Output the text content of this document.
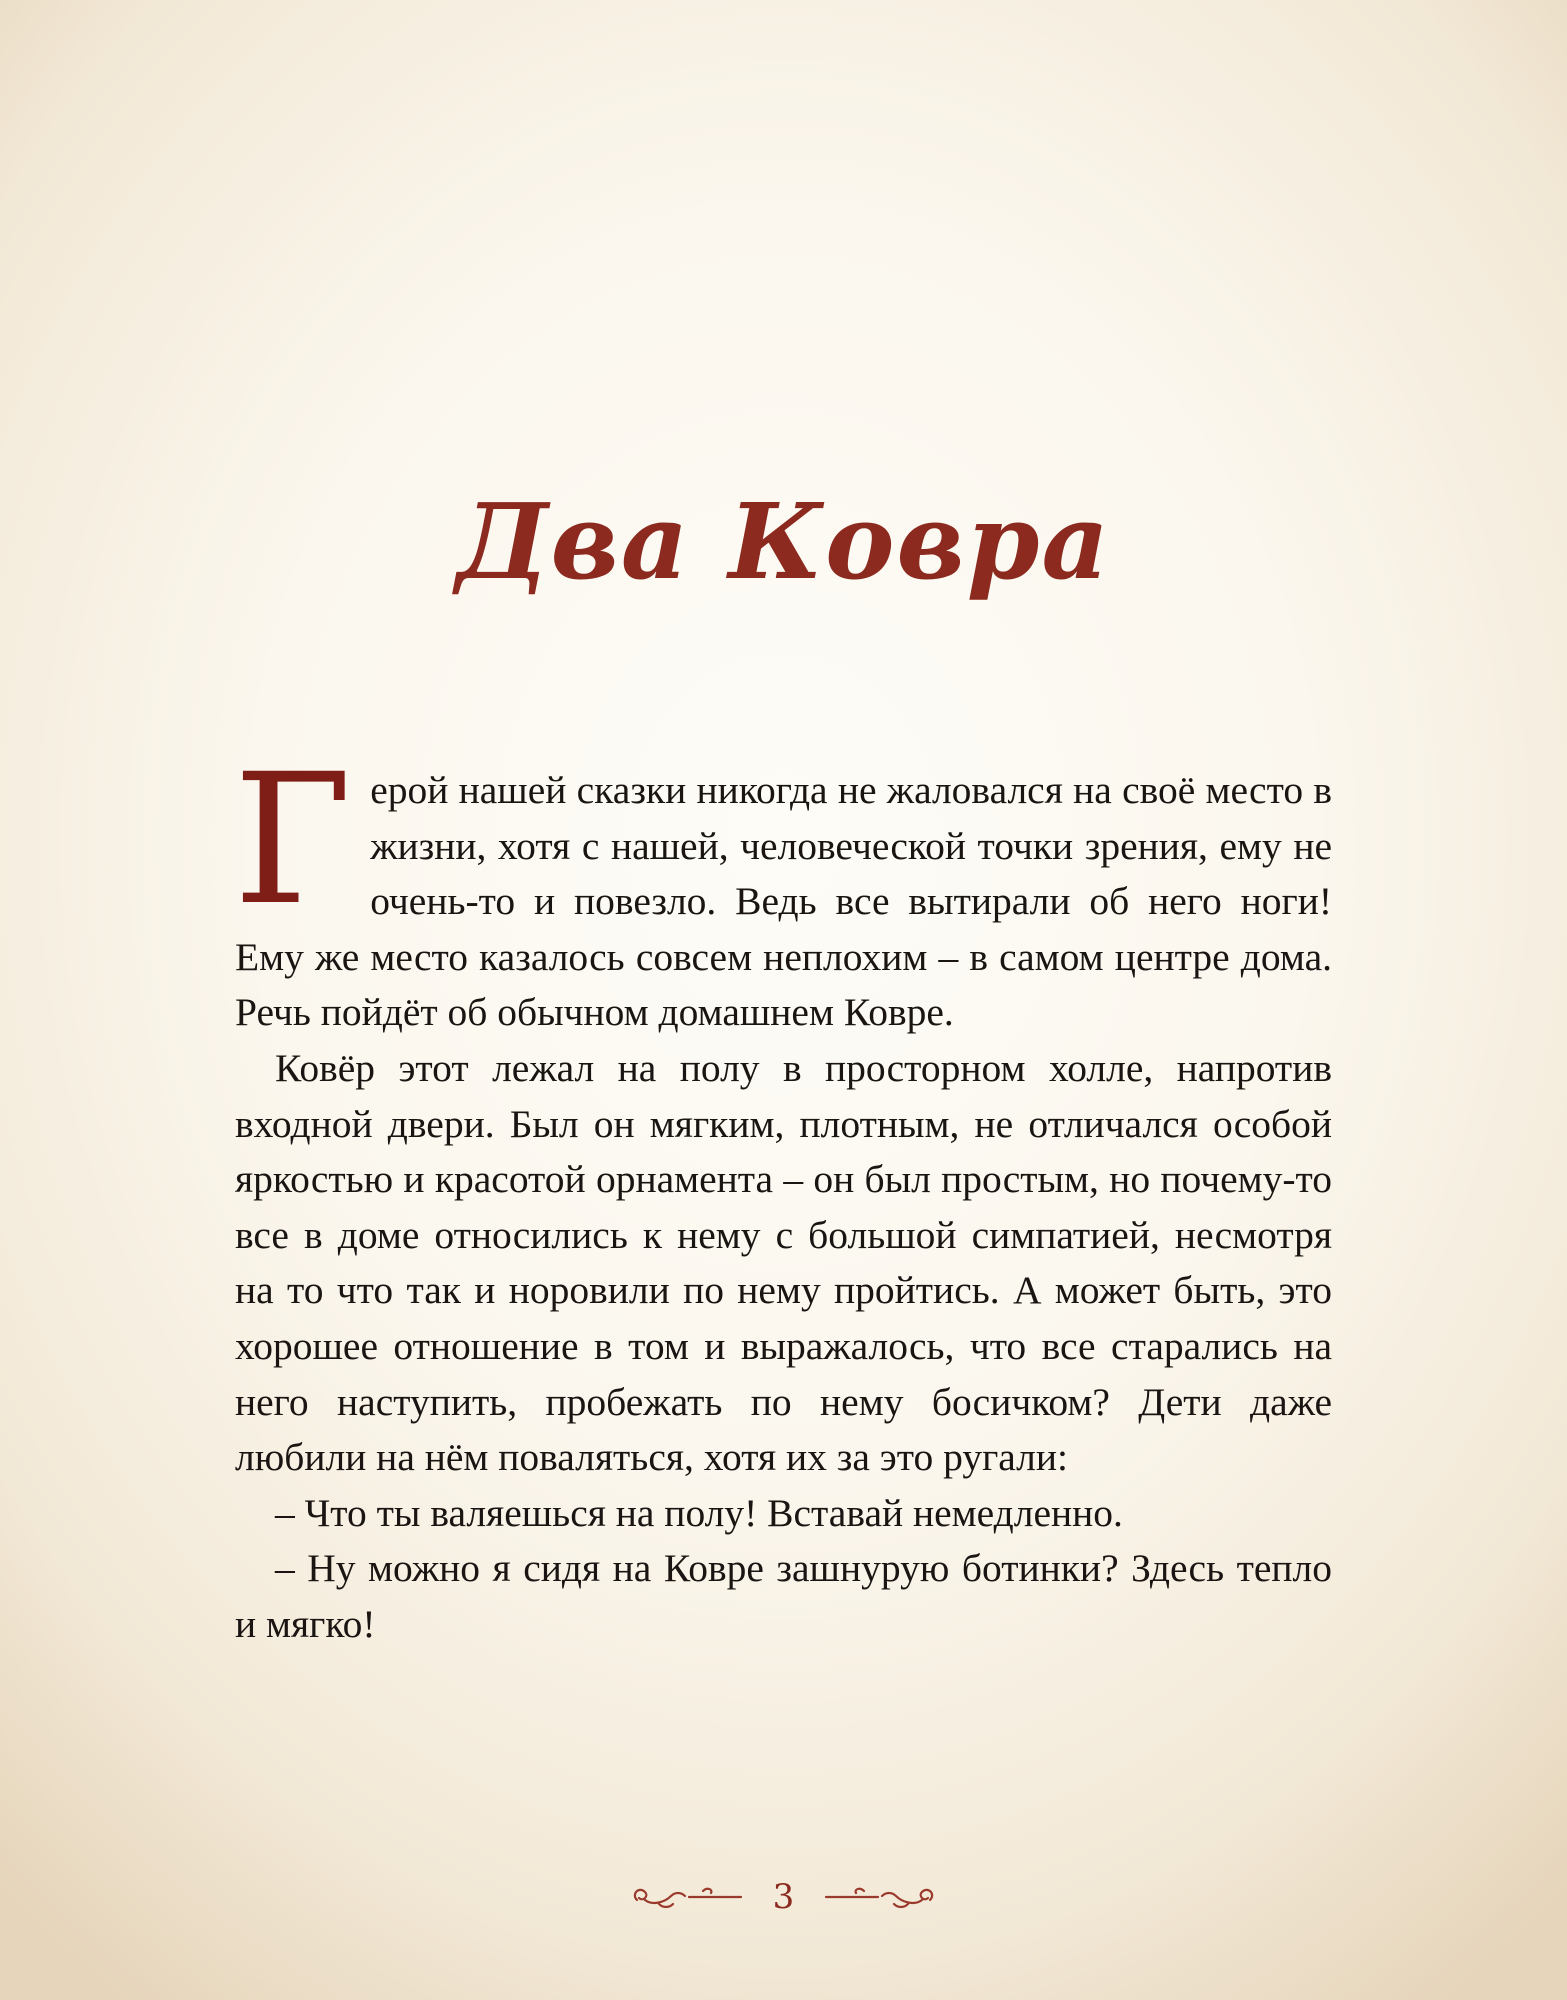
Два Ковра

Герой нашей сказки никогда не жаловался на своё место в жизни, хотя с нашей, человеческой точки зрения, ему не очень-то и повезло. Ведь все вытирали об него ноги! Ему же место казалось совсем неплохим – в самом центре дома. Речь пойдёт об обычном домашнем Ковре.

Ковёр этот лежал на полу в просторном холле, напротив входной двери. Был он мягким, плотным, не отличался особой яркостью и красотой орнамента – он был простым, но почему-то все в доме относились к нему с большой симпатией, несмотря на то что так и норовили по нему пройтись. А может быть, это хорошее отношение в том и выражалось, что все старались на него наступить, пробежать по нему босичком? Дети даже любили на нём поваляться, хотя их за это ругали:

– Что ты валяешься на полу! Вставай немедленно.

– Ну можно я сидя на Ковре зашнурую ботинки? Здесь тепло и мягко!

3
